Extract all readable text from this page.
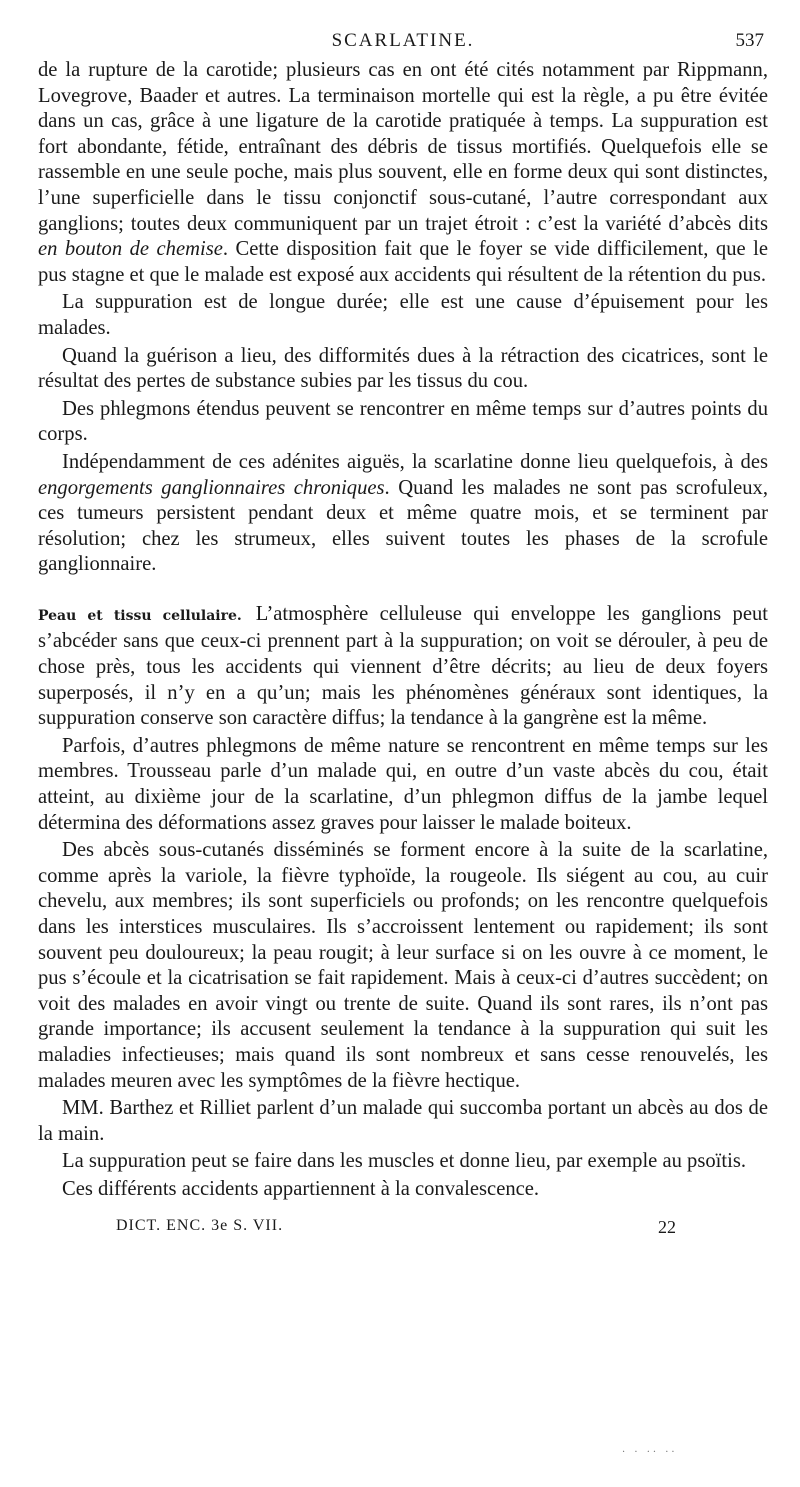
SCARLATINE.	537

de la rupture de la carotide; plusieurs cas en ont été cités notamment par Rippmann, Lovegrove, Baader et autres. La terminaison mortelle qui est la règle, a pu être évitée dans un cas, grâce à une ligature de la carotide pratiquée à temps. La suppuration est fort abondante, fétide, entraînant des débris de tissus mortifiés. Quelquefois elle se rassemble en une seule poche, mais plus souvent, elle en forme deux qui sont distinctes, l’une superficielle dans le tissu conjonctif sous-cutané, l’autre correspondant aux ganglions; toutes deux communiquent par un trajet étroit : c’est la variété d’abcès dits en bouton de chemise. Cette disposition fait que le foyer se vide difficilement, que le pus stagne et que le malade est exposé aux accidents qui résultent de la rétention du pus.

La suppuration est de longue durée; elle est une cause d’épuisement pour les malades.

Quand la guérison a lieu, des difformités dues à la rétraction des cicatrices, sont le résultat des pertes de substance subies par les tissus du cou.

Des phlegmons étendus peuvent se rencontrer en même temps sur d’autres points du corps.

Indépendamment de ces adénites aiguës, la scarlatine donne lieu quelquefois, à des engorgements ganglionnaires chroniques. Quand les malades ne sont pas scrofuleux, ces tumeurs persistent pendant deux et même quatre mois, et se terminent par résolution; chez les strumeux, elles suivent toutes les phases de la scrofule ganglionnaire.

Peau et tissu cellulaire. L’atmosphère celluleuse qui enveloppe les ganglions peut s’abcéder sans que ceux-ci prennent part à la suppuration; on voit se dérouler, à peu de chose près, tous les accidents qui viennent d’être décrits; au lieu de deux foyers superposés, il n’y en a qu’un; mais les phénomènes généraux sont identiques, la suppuration conserve son caractère diffus; la tendance à la gangrène est la même.

Parfois, d’autres phlegmons de même nature se rencontrent en même temps sur les membres. Trousseau parle d’un malade qui, en outre d’un vaste abcès du cou, était atteint, au dixième jour de la scarlatine, d’un phlegmon diffus de la jambe lequel détermina des déformations assez graves pour laisser le malade boiteux.

Des abcès sous-cutanés disséminés se forment encore à la suite de la scarlatine, comme après la variole, la fièvre typhoïde, la rougeole. Ils siégent au cou, au cuir chevelu, aux membres; ils sont superficiels ou profonds; on les rencontre quelquefois dans les interstices musculaires. Ils s’accroissent lentement ou rapidement; ils sont souvent peu douloureux; la peau rougit; à leur surface si on les ouvre à ce moment, le pus s’écoule et la cicatrisation se fait rapidement. Mais à ceux-ci d’autres succèdent; on voit des malades en avoir vingt ou trente de suite. Quand ils sont rares, ils n’ont pas grande importance; ils accusent seulement la tendance à la suppuration qui suit les maladies infectieuses; mais quand ils sont nombreux et sans cesse renouvelés, les malades meuren avec les symptômes de la fièvre hectique.

MM. Barthez et Rilliet parlent d’un malade qui succomba portant un abcès au dos de la main.

La suppuration peut se faire dans les muscles et donne lieu, par exemple au psoïtis.

Ces différents accidents appartiennent à la convalescence.

DICT. ENC. 3e S. VII.	22
· · ·· ··
